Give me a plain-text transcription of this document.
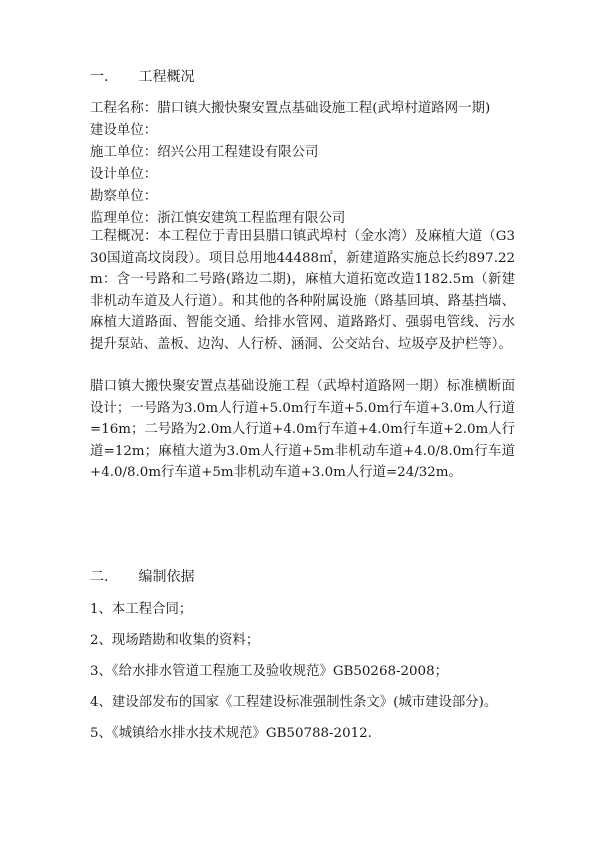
一. 工程概况
工程名称：腊口镇大搬快聚安置点基础设施工程(武埠村道路网一期)
建设单位：
施工单位：绍兴公用工程建设有限公司
设计单位：
勘察单位：
监理单位：浙江慎安建筑工程监理有限公司
工程概况：本工程位于青田县腊口镇武埠村（金水湾）及麻植大道（G330国道高坟岗段）。项目总用地44488㎡，新建道路实施总长约897.22m：含一号路和二号路(路边二期)，麻植大道拓宽改造1182.5m（新建非机动车道及人行道）。和其他的各种附属设施（路基回填、路基挡墙、麻植大道路面、智能交通、给排水管网、道路路灯、强弱电管线、污水提升泵站、盖板、边沟、人行桥、涵洞、公交站台、垃圾亭及护栏等）。
腊口镇大搬快聚安置点基础设施工程（武埠村道路网一期）标准横断面设计；一号路为3.0m人行道+5.0m行车道+5.0m行车道+3.0m人行道=16m；二号路为2.0m人行道+4.0m行车道+4.0m行车道+2.0m人行道=12m；麻植大道为3.0m人行道+5m非机动车道+4.0/8.0m行车道+4.0/8.0m行车道+5m非机动车道+3.0m人行道=24/32m。
二. 编制依据
1、本工程合同；
2、现场踏勘和收集的资料；
3、《给水排水管道工程施工及验收规范》GB50268-2008；
4、建设部发布的国家《工程建设标准强制性条文》(城市建设部分)。
5、《城镇给水排水技术规范》GB50788-2012.
